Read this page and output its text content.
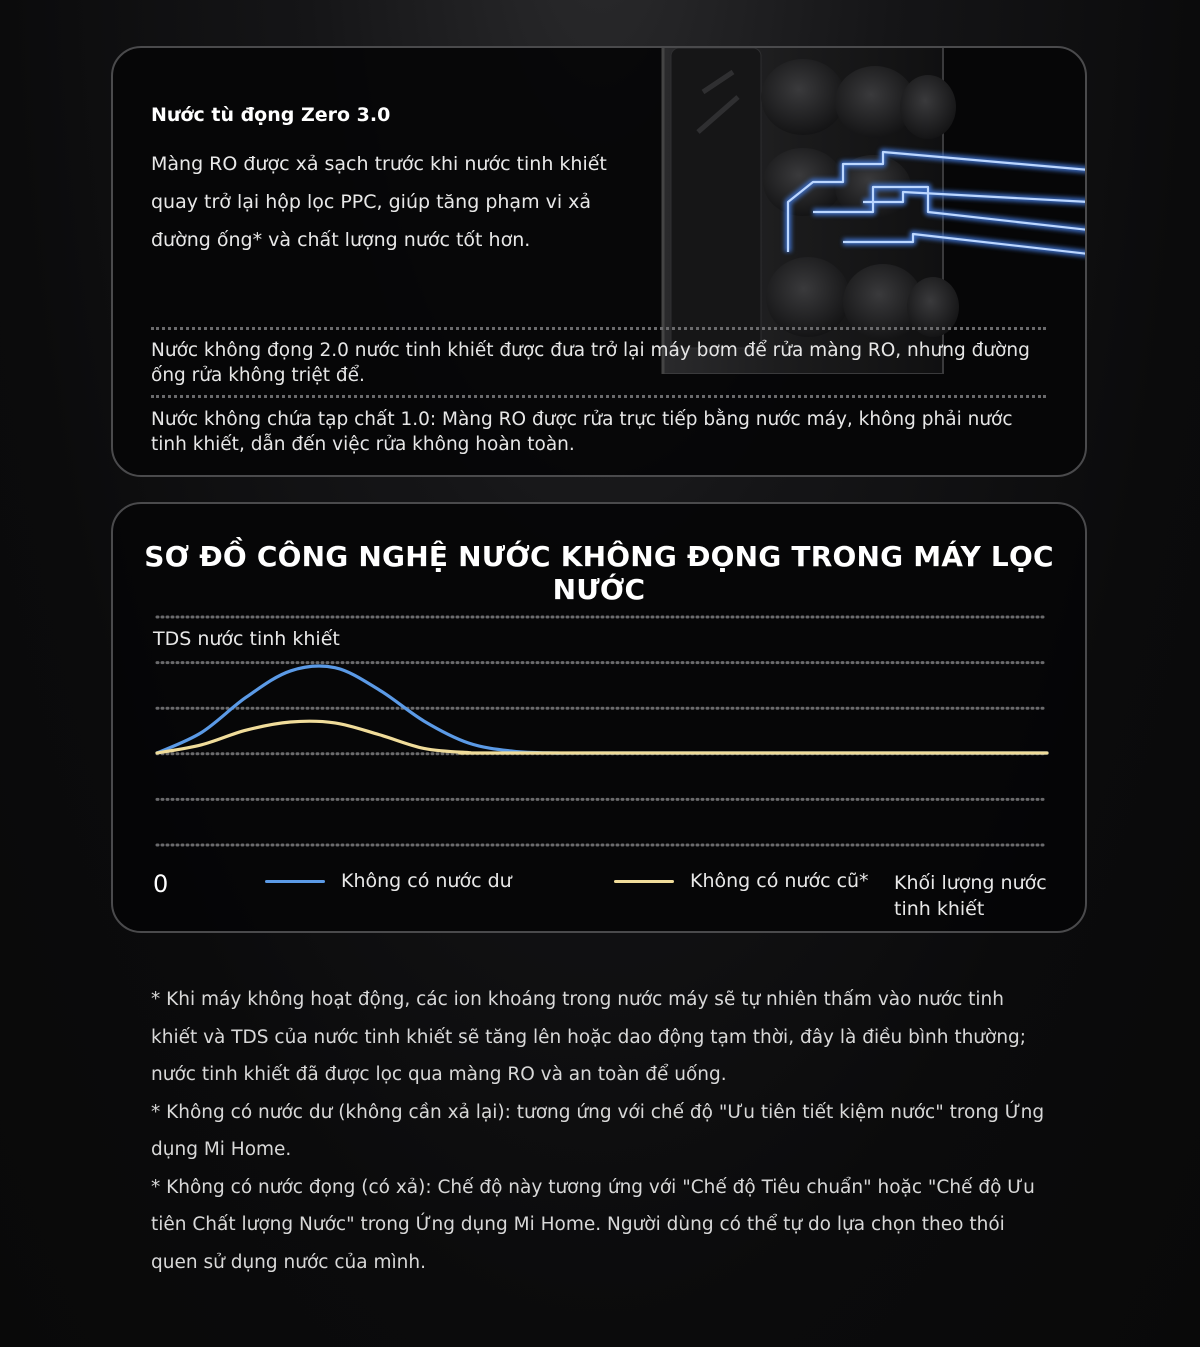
Nước tù đọng Zero 3.0
Màng RO được xả sạch trước khi nước tinh khiết quay trở lại hộp lọc PPC, giúp tăng phạm vi xả đường ống* và chất lượng nước tốt hơn.
Nước không đọng 2.0 nước tinh khiết được đưa trở lại máy bơm để rửa màng RO, nhưng đường ống rửa không triệt để.
Nước không chứa tạp chất 1.0: Màng RO được rửa trực tiếp bằng nước máy, không phải nước tinh khiết, dẫn đến việc rửa không hoàn toàn.
SƠ ĐỒ CÔNG NGHỆ NƯỚC KHÔNG ĐỌNG TRONG MÁY LỌC NƯỚC
TDS nước tinh khiết
0	Không có nước dư	Không có nước cũ* Khối lượng nước tinh khiết

* Khi máy không hoạt động, các ion khoáng trong nước máy sẽ tự nhiên thấm vào nước tinh khiết và TDS của nước tinh khiết sẽ tăng lên hoặc dao động tạm thời, đây là điều bình thường; nước tinh khiết đã được lọc qua màng RO và an toàn để uống.

* Không có nước dư (không cần xả lại): tương ứng với chế độ "Ưu tiên tiết kiệm nước" trong Ứng dụng Mi Home.

* Không có nước đọng (có xả): Chế độ này tương ứng với "Chế độ Tiêu chuẩn" hoặc "Chế độ Ưu tiên Chất lượng Nước" trong Ứng dụng Mi Home. Người dùng có thể tự do lựa chọn theo thói quen sử dụng nước của mình.
